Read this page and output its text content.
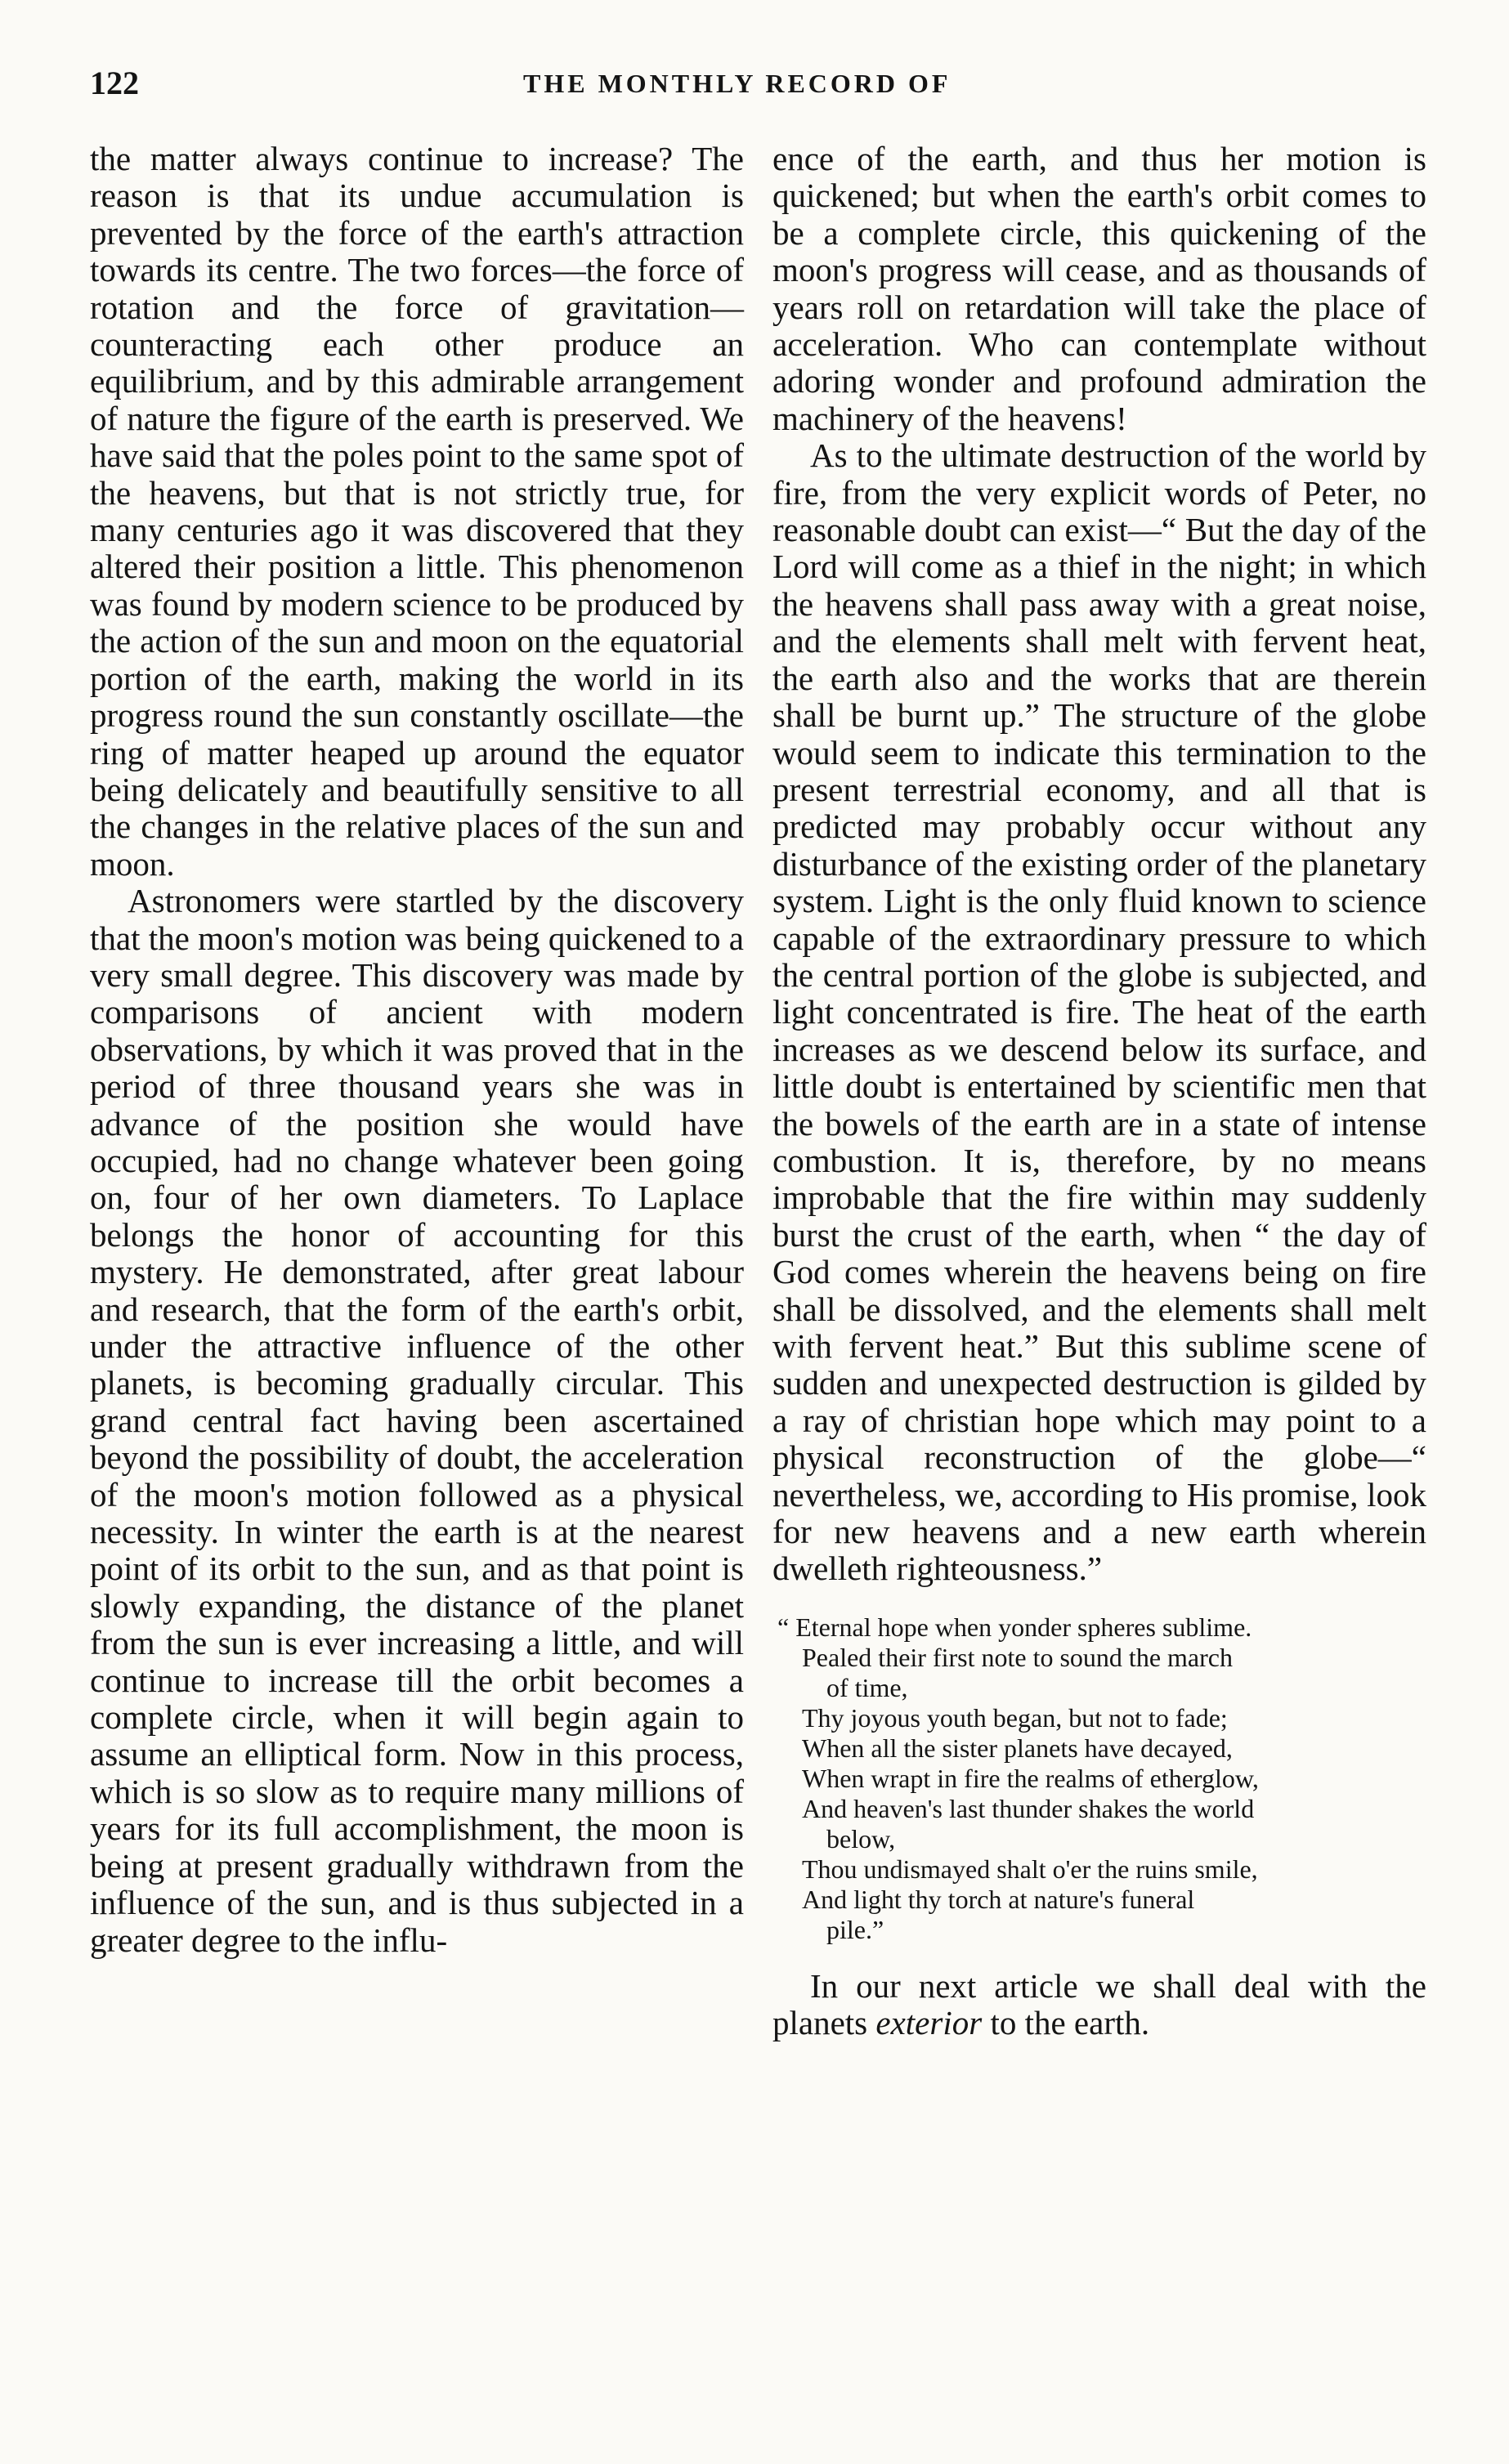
122	THE MONTHLY RECORD OF

the matter always continue to increase? The reason is that its undue accumulation is prevented by the force of the earth's attraction towards its centre. The two forces—the force of rotation and the force of gravitation—counteracting each other produce an equilibrium, and by this admirable arrangement of nature the figure of the earth is preserved. We have said that the poles point to the same spot of the heavens, but that is not strictly true, for many centuries ago it was discovered that they altered their position a little. This phenomenon was found by modern science to be produced by the action of the sun and moon on the equatorial portion of the earth, making the world in its progress round the sun constantly oscillate—the ring of matter heaped up around the equator being delicately and beautifully sensitive to all the changes in the relative places of the sun and moon.

Astronomers were startled by the discovery that the moon's motion was being quickened to a very small degree. This discovery was made by comparisons of ancient with modern observations, by which it was proved that in the period of three thousand years she was in advance of the position she would have occupied, had no change whatever been going on, four of her own diameters. To Laplace belongs the honor of accounting for this mystery. He demonstrated, after great labour and research, that the form of the earth's orbit, under the attractive influence of the other planets, is becoming gradually circular. This grand central fact having been ascertained beyond the possibility of doubt, the acceleration of the moon's motion followed as a physical necessity. In winter the earth is at the nearest point of its orbit to the sun, and as that point is slowly expanding, the distance of the planet from the sun is ever increasing a little, and will continue to increase till the orbit becomes a complete circle, when it will begin again to assume an elliptical form. Now in this process, which is so slow as to require many millions of years for its full accomplishment, the moon is being at present gradually withdrawn from the influence of the sun, and is thus subjected in a greater degree to the influ-

ence of the earth, and thus her motion is quickened; but when the earth's orbit comes to be a complete circle, this quickening of the moon's progress will cease, and as thousands of years roll on retardation will take the place of acceleration. Who can contemplate without adoring wonder and profound admiration the machinery of the heavens!

As to the ultimate destruction of the world by fire, from the very explicit words of Peter, no reasonable doubt can exist—“ But the day of the Lord will come as a thief in the night; in which the heavens shall pass away with a great noise, and the elements shall melt with fervent heat, the earth also and the works that are therein shall be burnt up.” The structure of the globe would seem to indicate this termination to the present terrestrial economy, and all that is predicted may probably occur without any disturbance of the existing order of the planetary system. Light is the only fluid known to science capable of the extraordinary pressure to which the central portion of the globe is subjected, and light concentrated is fire. The heat of the earth increases as we descend below its surface, and little doubt is entertained by scientific men that the bowels of the earth are in a state of intense combustion. It is, therefore, by no means improbable that the fire within may suddenly burst the crust of the earth, when “ the day of God comes wherein the heavens being on fire shall be dissolved, and the elements shall melt with fervent heat.” But this sublime scene of sudden and unexpected destruction is gilded by a ray of christian hope which may point to a physical reconstruction of the globe—“ nevertheless, we, according to His promise, look for new heavens and a new earth wherein dwelleth righteousness.”

“ Eternal hope when yonder spheres sublime.
Pealed their first note to sound the march
of time,
Thy joyous youth began, but not to fade;
When all the sister planets have decayed,
When wrapt in fire the realms of etherglow,
And heaven's last thunder shakes the world
below,
Thou undismayed shalt o'er the ruins smile,
And light thy torch at nature's funeral
pile.”

In our next article we shall deal with the planets exterior to the earth.
